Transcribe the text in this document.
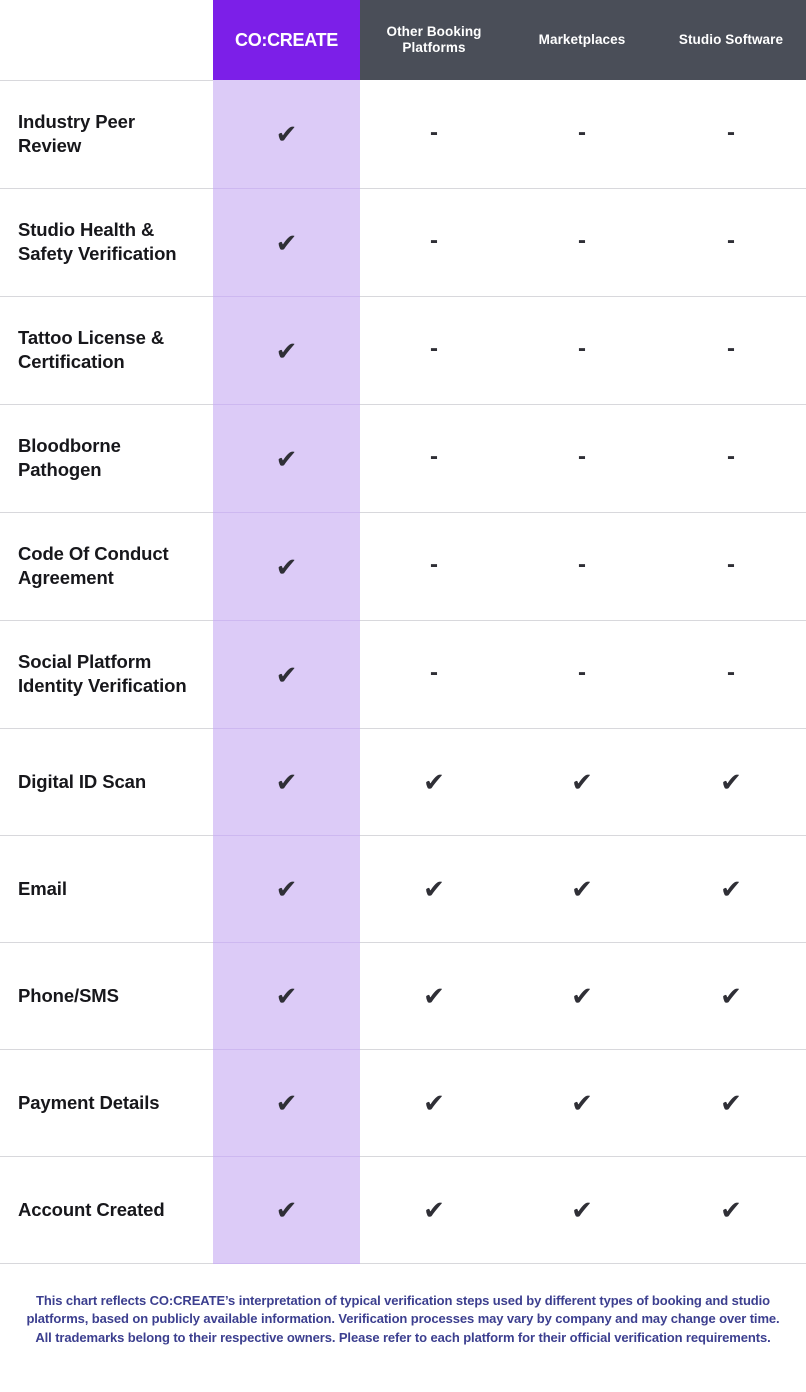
	CO:CREATE	Other Booking Platforms	Marketplaces	Studio Software
Industry Peer Review	✔	-	-	-
Studio Health & Safety Verification	✔	-	-	-
Tattoo License & Certification	✔	-	-	-
Bloodborne Pathogen	✔	-	-	-
Code Of Conduct Agreement	✔	-	-	-
Social Platform Identity Verification	✔	-	-	-
Digital ID Scan	✔	✔	✔	✔
Email	✔	✔	✔	✔
Phone/SMS	✔	✔	✔	✔
Payment Details	✔	✔	✔	✔
Account Created	✔	✔	✔	✔
This chart reflects CO:CREATE’s interpretation of typical verification steps used by different types of booking and studio platforms, based on publicly available information. Verification processes may vary by company and may change over time. All trademarks belong to their respective owners. Please refer to each platform for their official verification requirements.
